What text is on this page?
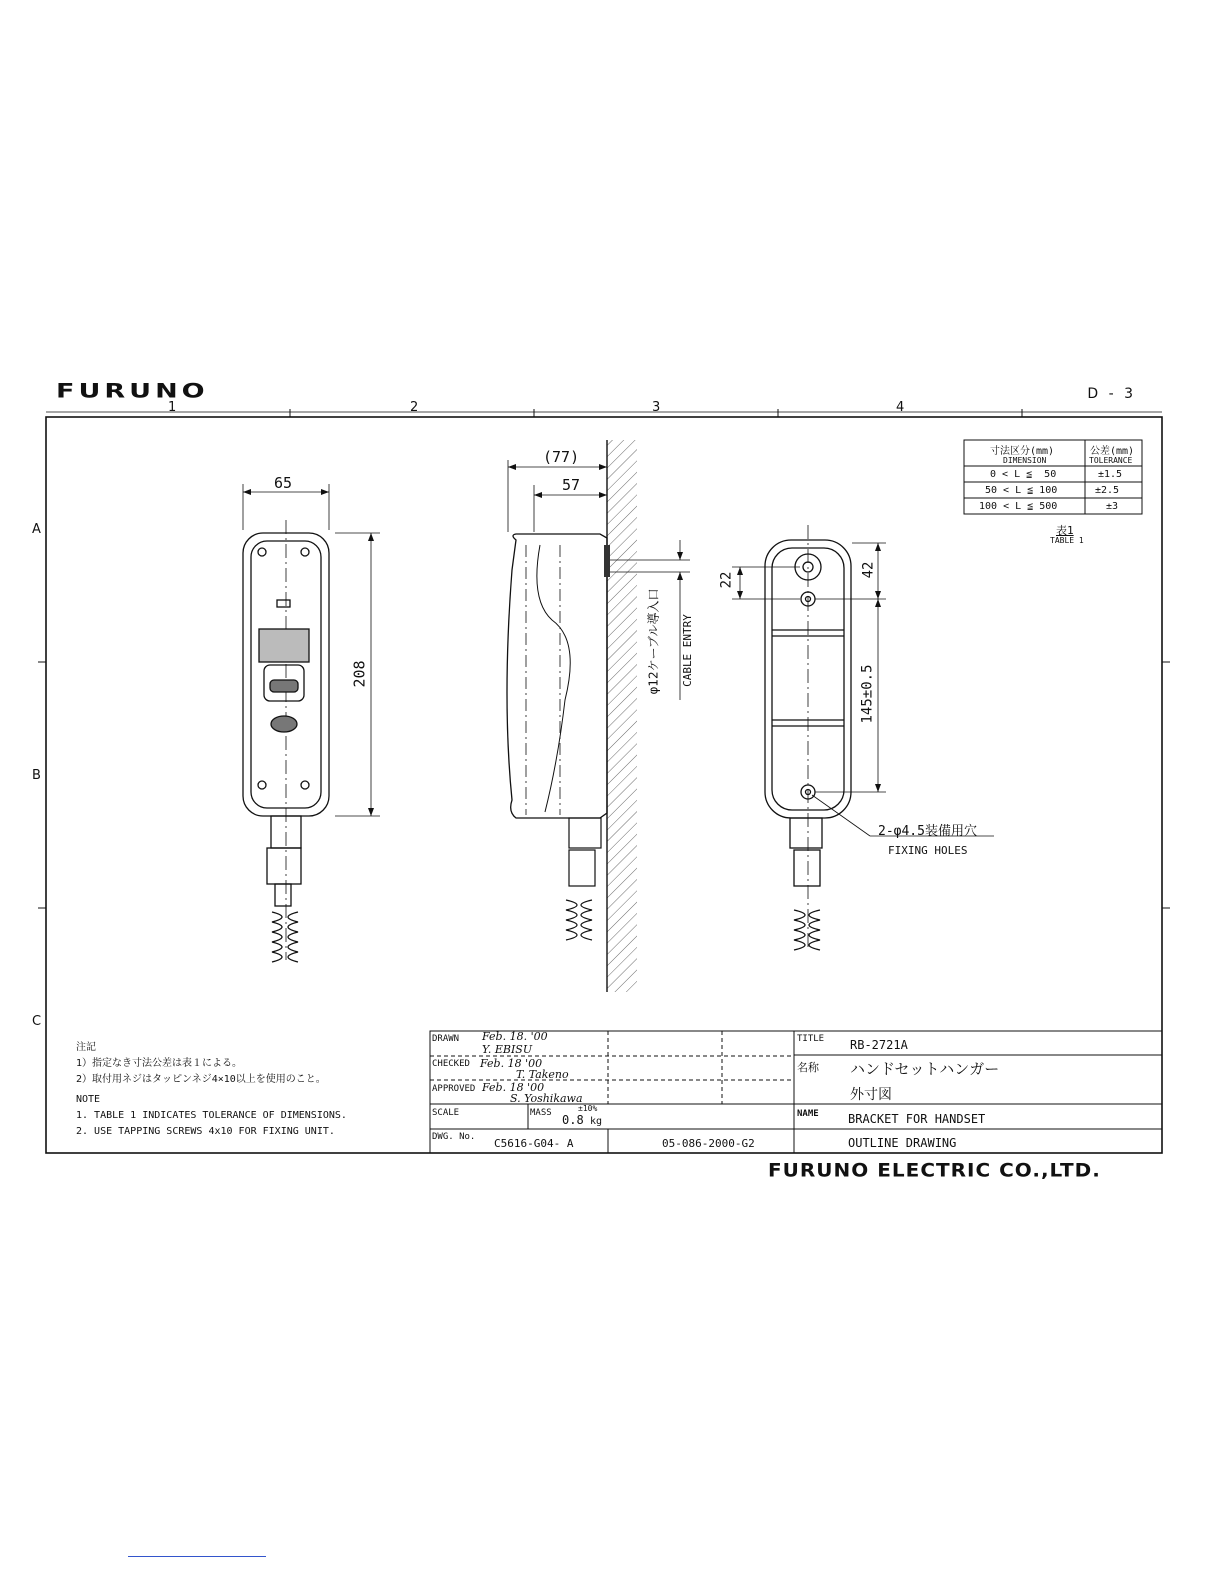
FURUNO	D - 3
1	2	3	4
A
B
C
65
208
(77)
57
φ12ケーブル導入口 CABLE ENTRY
22
42
145±0.5
2-φ4.5装備用穴
FIXING HOLES
寸法区分(mm)
DIMENSION
公差(mm)
TOLERANCE
0 < L ≦  50	±1.5
50 < L ≦ 100	±2.5
100 < L ≦ 500	±3
表1
TABLE 1
注記
1）指定なき寸法公差は表１による。
2）取付用ネジはタッピンネジ4×10以上を使用のこと。
NOTE
1. TABLE 1 INDICATES TOLERANCE OF DIMENSIONS.
2. USE TAPPING SCREWS 4x10 FOR FIXING UNIT.
DRAWN Feb. 18. '00
Y. EBISU
CHECKED Feb. 18 '00
T. Takeno
APPROVED Feb. 18 '00
S. Yoshikawa
SCALE	MASS	±10%
0.8 kg
DWG. No. C5616-G04- A	05-086-2000-G2
TITLE RB-2721A
名称 ハンドセットハンガー
外寸図
NAME BRACKET FOR HANDSET
OUTLINE DRAWING
FURUNO ELECTRIC CO.,LTD.
